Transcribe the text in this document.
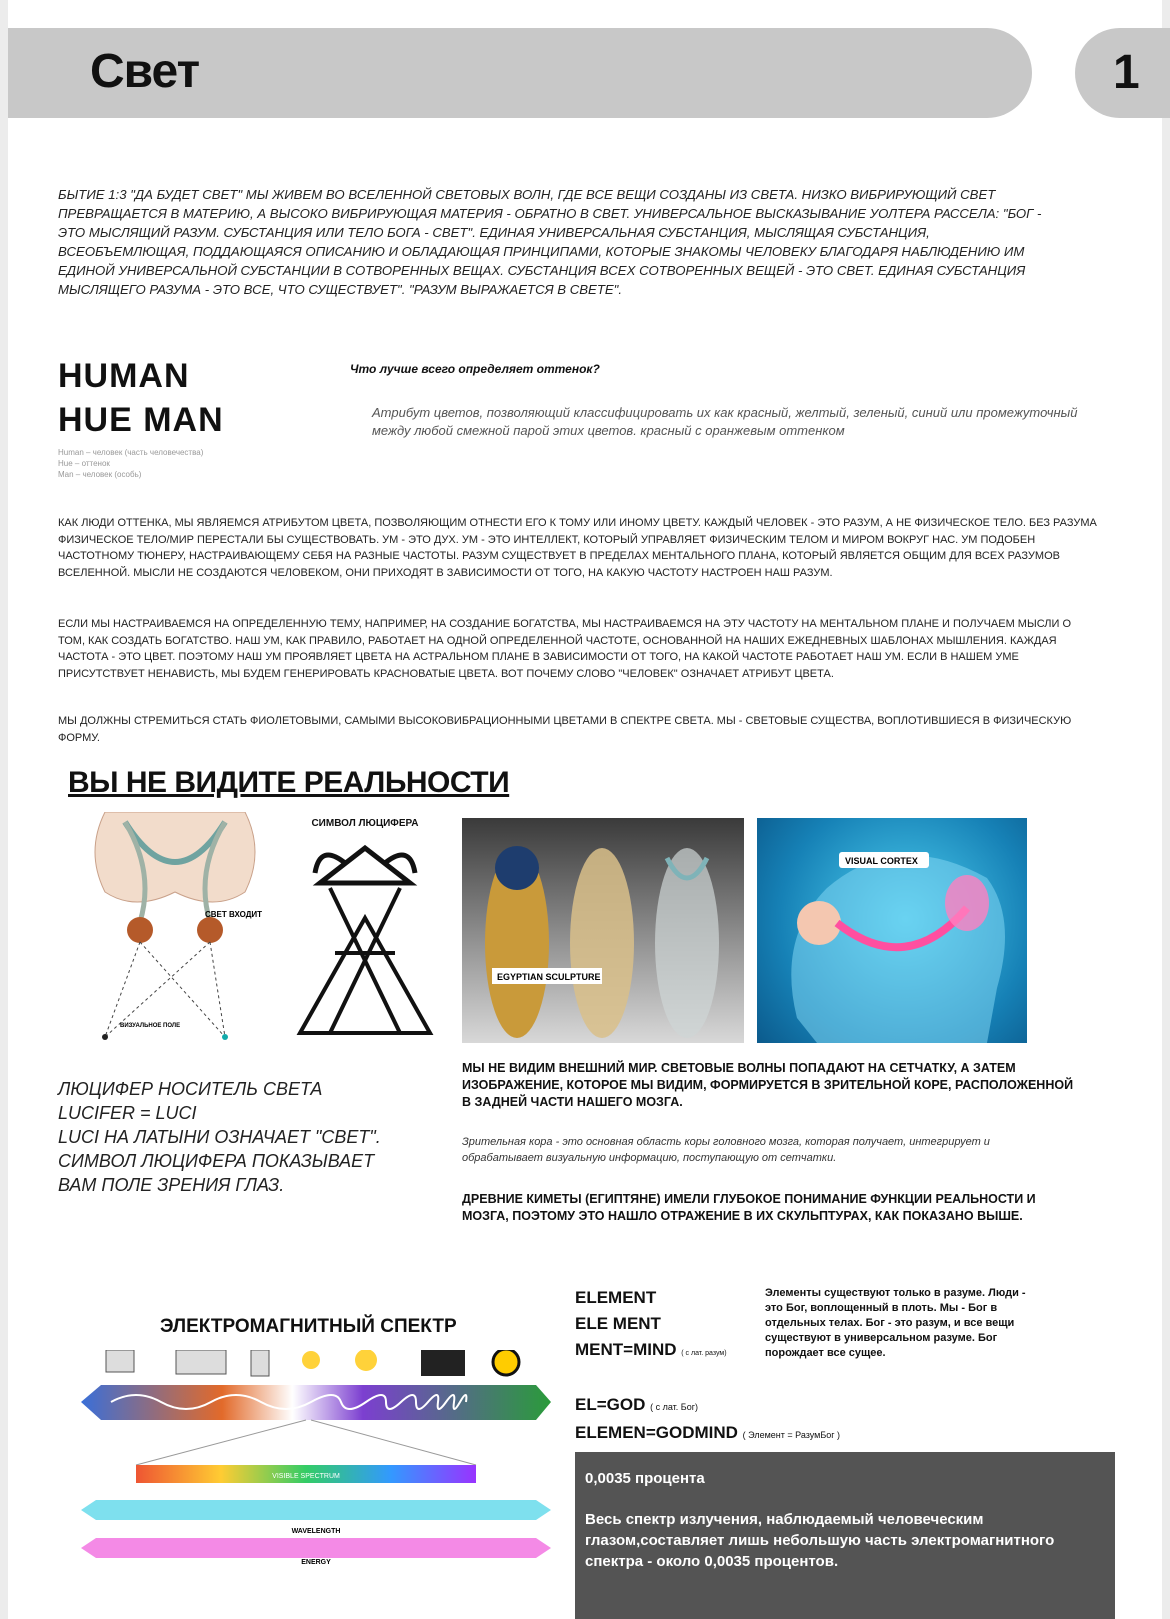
Свет	1
БЫТИЕ 1:3 "ДА БУДЕТ СВЕТ" МЫ ЖИВЕМ ВО ВСЕЛЕННОЙ СВЕТОВЫХ ВОЛН, ГДЕ ВСЕ ВЕЩИ СОЗДАНЫ ИЗ СВЕТА. НИЗКО ВИБРИРУЮЩИЙ СВЕТ ПРЕВРАЩАЕТСЯ В МАТЕРИЮ, А ВЫСОКО ВИБРИРУЮЩАЯ МАТЕРИЯ - ОБРАТНО В СВЕТ. УНИВЕРСАЛЬНОЕ ВЫСКАЗЫВАНИЕ УОЛТЕРА РАССЕЛА: "БОГ - ЭТО МЫСЛЯЩИЙ РАЗУМ. СУБСТАНЦИЯ ИЛИ ТЕЛО БОГА - СВЕТ". ЕДИНАЯ УНИВЕРСАЛЬНАЯ СУБСТАНЦИЯ, МЫСЛЯЩАЯ СУБСТАНЦИЯ, ВСЕОБЪЕМЛЮЩАЯ, ПОДДАЮЩАЯСЯ ОПИСАНИЮ И ОБЛАДАЮЩАЯ ПРИНЦИПАМИ, КОТОРЫЕ ЗНАКОМЫ ЧЕЛОВЕКУ БЛАГОДАРЯ НАБЛЮДЕНИЮ ИМ ЕДИНОЙ УНИВЕРСАЛЬНОЙ СУБСТАНЦИИ В СОТВОРЕННЫХ ВЕЩАХ. СУБСТАНЦИЯ ВСЕХ СОТВОРЕННЫХ ВЕЩЕЙ - ЭТО СВЕТ. ЕДИНАЯ СУБСТАНЦИЯ МЫСЛЯЩЕГО РАЗУМА - ЭТО ВСЕ, ЧТО СУЩЕСТВУЕТ". "РАЗУМ ВЫРАЖАЕТСЯ В СВЕТЕ".
HUMAN
HUE MAN
Human – человек (часть человечества)
Hue – оттенок
Man – человек (особь)
Что лучше всего определяет оттенок?
Атрибут цветов, позволяющий классифицировать их как красный, желтый, зеленый, синий или промежуточный между любой смежной парой этих цветов. красный с оранжевым оттенком
КАК ЛЮДИ ОТТЕНКА, МЫ ЯВЛЯЕМСЯ АТРИБУТОМ ЦВЕТА, ПОЗВОЛЯЮЩИМ ОТНЕСТИ ЕГО К ТОМУ ИЛИ ИНОМУ ЦВЕТУ. КАЖДЫЙ ЧЕЛОВЕК - ЭТО РАЗУМ, А НЕ ФИЗИЧЕСКОЕ ТЕЛО. БЕЗ РАЗУМА ФИЗИЧЕСКОЕ ТЕЛО/МИР ПЕРЕСТАЛИ БЫ СУЩЕСТВОВАТЬ. УМ - ЭТО ДУХ. УМ - ЭТО ИНТЕЛЛЕКТ, КОТОРЫЙ УПРАВЛЯЕТ ФИЗИЧЕСКИМ ТЕЛОМ И МИРОМ ВОКРУГ НАС. УМ ПОДОБЕН ЧАСТОТНОМУ ТЮНЕРУ, НАСТРАИВАЮЩЕМУ СЕБЯ НА РАЗНЫЕ ЧАСТОТЫ. РАЗУМ СУЩЕСТВУЕТ В ПРЕДЕЛАХ МЕНТАЛЬНОГО ПЛАНА, КОТОРЫЙ ЯВЛЯЕТСЯ ОБЩИМ ДЛЯ ВСЕХ РАЗУМОВ ВСЕЛЕННОЙ. МЫСЛИ НЕ СОЗДАЮТСЯ ЧЕЛОВЕКОМ, ОНИ ПРИХОДЯТ В ЗАВИСИМОСТИ ОТ ТОГО, НА КАКУЮ ЧАСТОТУ НАСТРОЕН НАШ РАЗУМ.
ЕСЛИ МЫ НАСТРАИВАЕМСЯ НА ОПРЕДЕЛЕННУЮ ТЕМУ, НАПРИМЕР, НА СОЗДАНИЕ БОГАТСТВА, МЫ НАСТРАИВАЕМСЯ НА ЭТУ ЧАСТОТУ НА МЕНТАЛЬНОМ ПЛАНЕ И ПОЛУЧАЕМ МЫСЛИ О ТОМ, КАК СОЗДАТЬ БОГАТСТВО. НАШ УМ, КАК ПРАВИЛО, РАБОТАЕТ НА ОДНОЙ ОПРЕДЕЛЕННОЙ ЧАСТОТЕ, ОСНОВАННОЙ НА НАШИХ ЕЖЕДНЕВНЫХ ШАБЛОНАХ МЫШЛЕНИЯ. КАЖДАЯ ЧАСТОТА - ЭТО ЦВЕТ. ПОЭТОМУ НАШ УМ ПРОЯВЛЯЕТ ЦВЕТА НА АСТРАЛЬНОМ ПЛАНЕ В ЗАВИСИМОСТИ ОТ ТОГО, НА КАКОЙ ЧАСТОТЕ РАБОТАЕТ НАШ УМ. ЕСЛИ В НАШЕМ УМЕ ПРИСУТСТВУЕТ НЕНАВИСТЬ, МЫ БУДЕМ ГЕНЕРИРОВАТЬ КРАСНОВАТЫЕ ЦВЕТА. ВОТ ПОЧЕМУ СЛОВО "ЧЕЛОВЕК" ОЗНАЧАЕТ АТРИБУТ ЦВЕТА.
МЫ ДОЛЖНЫ СТРЕМИТЬСЯ СТАТЬ ФИОЛЕТОВЫМИ, САМЫМИ ВЫСОКОВИБРАЦИОННЫМИ ЦВЕТАМИ В СПЕКТРЕ СВЕТА. МЫ - СВЕТОВЫЕ СУЩЕСТВА, ВОПЛОТИВШИЕСЯ В ФИЗИЧЕСКУЮ ФОРМУ.
ВЫ НЕ ВИДИТЕ РЕАЛЬНОСТИ
СВЕТ ВХОДИТ
ВИЗУАЛЬНОЕ ПОЛЕ
СИМВОЛ ЛЮЦИФЕРА
EGYPTIAN SCULPTURE
VISUAL CORTEX
ЛЮЦИФЕР НОСИТЕЛЬ СВЕТА
LUCIFER = LUCI
LUCI НА ЛАТЫНИ ОЗНАЧАЕТ "СВЕТ".
СИМВОЛ ЛЮЦИФЕРА ПОКАЗЫВАЕТ
ВАМ ПОЛЕ ЗРЕНИЯ ГЛАЗ.
МЫ НЕ ВИДИМ ВНЕШНИЙ МИР. СВЕТОВЫЕ ВОЛНЫ ПОПАДАЮТ НА СЕТЧАТКУ, А ЗАТЕМ ИЗОБРАЖЕНИЕ, КОТОРОЕ МЫ ВИДИМ, ФОРМИРУЕТСЯ В ЗРИТЕЛЬНОЙ КОРЕ, РАСПОЛОЖЕННОЙ В ЗАДНЕЙ ЧАСТИ НАШЕГО МОЗГА.
Зрительная кора - это основная область коры головного мозга, которая получает, интегрирует и обрабатывает визуальную информацию, поступающую от сетчатки.
ДРЕВНИЕ КИМЕТЫ (ЕГИПТЯНЕ) ИМЕЛИ ГЛУБОКОЕ ПОНИМАНИЕ ФУНКЦИИ РЕАЛЬНОСТИ И МОЗГА, ПОЭТОМУ ЭТО НАШЛО ОТРАЖЕНИЕ В ИХ СКУЛЬПТУРАХ, КАК ПОКАЗАНО ВЫШЕ.
ЭЛЕКТРОМАГНИТНЫЙ СПЕКТР
VISIBLE SPECTRUM
WAVELENGTH
ENERGY
ELEMENT
ELE MENT
MENT=MIND ( с лат. разум)
Элементы существуют только в разуме. Люди - это Бог, воплощенный в плоть. Мы - Бог в отдельных телах. Бог - это разум, и все вещи существуют в универсальном разуме. Бог порождает все сущее.
EL=GOD ( с лат. Бог)
ELEMEN=GODMIND ( Элемент = РазумБог )
0,0035 процента
Весь спектр излучения, наблюдаемый человеческим глазом,составляет лишь небольшую часть электромагнитного спектра - около 0,0035 процентов.
